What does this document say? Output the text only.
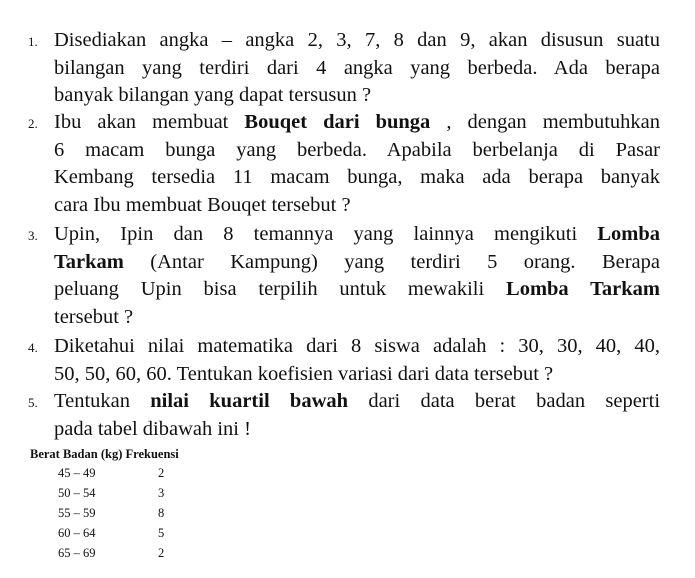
1. Disediakan angka – angka 2, 3, 7, 8 dan 9, akan disusun suatu
bilangan yang terdiri dari 4 angka yang berbeda. Ada berapa
banyak bilangan yang dapat tersusun ?
2. Ibu akan membuat Bouqet dari bunga , dengan membutuhkan
6 macam bunga yang berbeda. Apabila berbelanja di Pasar
Kembang tersedia 11 macam bunga, maka ada berapa banyak
cara Ibu membuat Bouqet tersebut ?
3. Upin, Ipin dan 8 temannya yang lainnya mengikuti Lomba
Tarkam (Antar Kampung) yang terdiri 5 orang. Berapa
peluang Upin bisa terpilih untuk mewakili Lomba Tarkam
tersebut ?
4. Diketahui nilai matematika dari 8 siswa adalah : 30, 30, 40, 40,
50, 50, 60, 60. Tentukan koefisien variasi dari data tersebut ?
5. Tentukan nilai kuartil bawah dari data berat badan seperti
pada tabel dibawah ini !
Berat Badan (kg) Frekuensi
45 – 49	2
50 – 54	3
55 – 59	8
60 – 64	5
65 – 69	2
